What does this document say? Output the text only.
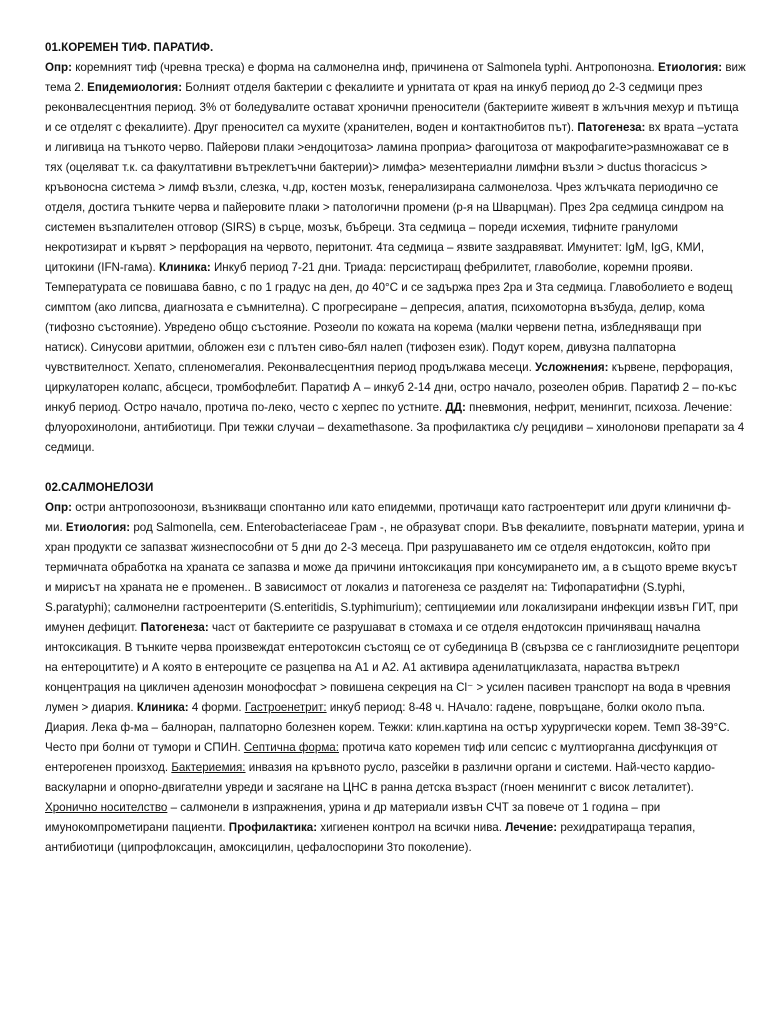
01.КОРЕМЕН ТИФ. ПАРАТИФ.

Опр: коремният тиф (чревна треска) е форма на салмонелна инф, причинена от Salmonela typhi. Антропонозна. Етиология: виж тема 2. Епидемиология: Болният отделя бактерии с фекалиите и урнитата от края на инкуб период до 2-3 седмици през реконвалесцентния период. 3% от боледувалите остават хронични преносители (бактериите живеят в жлъчния мехур и пътища и се отделят с фекалиите). Друг преносител са мухите (хранителен, воден и контактнобитов път). Патогенеза: вх врата –устата и лигивица на тънкото черво. Пайерови плаки >ендоцитоза> ламина проприа> фагоцитоза от макрофагите>размножават се в тях (оцеляват т.к. са факултативни вътреклетъчни бактерии)> лимфа> мезентериални лимфни възли > ductus thoracicus > кръвоносна система > лимф възли, слезка, ч.др, костен мозък, генерализирана салмонелоза. Чрез жлъчката периодично се отделя, достига тънките черва и пайеровите плаки > патологични промени (р-я на Шварцман). През 2ра седмица синдром на системен възпалителен отговор (SIRS) в сърце, мозък, бъбреци. 3та седмица – пореди исхемия, тифните грануломи некротизират и кървят > перфорация на червото, перитонит. 4та седмица – язвите заздравяват. Имунитет: IgM, IgG, КМИ, цитокини (IFN-гама). Клиника: Инкуб период 7-21 дни. Триада: персистиращ фебрилитет, главоболие, коремни прояви. Температурата се повишава бавно, с по 1 градус на ден, до 40°С и се задържа през 2ра и 3та седмица. Главоболието е водещ симптом (ако липсва, диагнозата е съмнителна). С прогресиране – депресия, апатия, психомоторна възбуда, делир, кома (тифозно състояние). Увредено общо състояние. Розеоли по кожата на корема (малки червени петна, избледняващи при натиск). Синусови аритмии, обложен ези с плътен сиво-бял налеп (тифозен език). Подут корем, дивузна палпаторна чувствителност. Хепато, спленомегалия. Реконвалесцентния период продължава месеци. Усложнения: кървене, перфорация, циркулаторен колапс, абсцеси, тромбофлебит. Паратиф А – инкуб 2-14 дни, остро начало, розеолен обрив. Паратиф 2 – по-къс инкуб период. Остро начало, протича по-леко, често с херпес по устните. ДД: пневмония, нефрит, менингит, психоза. Лечение: флуорохинолони, антибиотици. При тежки случаи – dexamethasone. За профилактика с/у рецидиви – хинолонови препарати за 4 седмици.

02.САЛМОНЕЛОЗИ

Опр: остри антропозоонози, възникващи спонтанно или като епидемми, протичащи като гастроентерит или други клинични ф-ми. Етиология: род Salmonella, сем. Enterobacteriaceae Грам -, не образуват спори. Във фекалиите, повърнати материи, урина и хран продукти се запазват жизнеспособни от 5 дни до 2-3 месеца. При разрушаването им се отделя ендотоксин, който при термичната обработка на храната се запазва и може да причини интоксикация при консумирането им, а в същото време вкусът и мирисът на храната не е променен.. В зависимост от локализ и патогенеза се разделят на: Тифопаратифни (S.typhi, S.paratyphi); салмонелни гастроентерити (S.enteritidis, S.typhimurium); септициемии или локализирани инфекции извън ГИТ, при имунен дефицит. Патогенеза: част от бактериите се разрушават в стомаха и се отделя ендотоксин причиняващ начална интоксикация. В тънките черва произвеждат ентеротоксин състоящ се от субединица В (свързва се с ганглиозидните рецептори на ентероцитите) и А която в ентероците се разцепва на А1 и А2. А1 активира аденилатциклазата, нараства вътрекл концентрация на цикличен аденозин монофосфат > повишена секреция на Cl⁻ > усилен пасивен транспорт на вода в чревния лумен > диария. Клиника: 4 форми. Гастроенетрит: инкуб период: 8-48 ч. НАчало: гадене, повръщане, болки около пъпа. Диария. Лека ф-ма – балноран, палпаторно болезнен корем. Тежки: клин.картина на остър хурургически корем. Темп 38-39°С. Често при болни от тумори и СПИН. Септична форма: протича като коремен тиф или сепсис с мултиорганна дисфункция от ентерогенен произход. Бактериемия: инвазия на кръвното русло, разсейки в различни органи и системи. Най-често кардио-васкуларни и опорно-двигателни увреди и засягане на ЦНС в ранна детска възраст (гноен менингит с висок леталитет). Хронично носителство – салмонели в изпражнения, урина и др материали извън СЧТ за повече от 1 година – при имунокомпрометирани пациенти. Профилактика: хигиенен контрол на всички нива. Лечение: рехидратираща терапия, антибиотици (ципрофлоксацин, амоксицилин, цефалоспорини 3то поколение).
